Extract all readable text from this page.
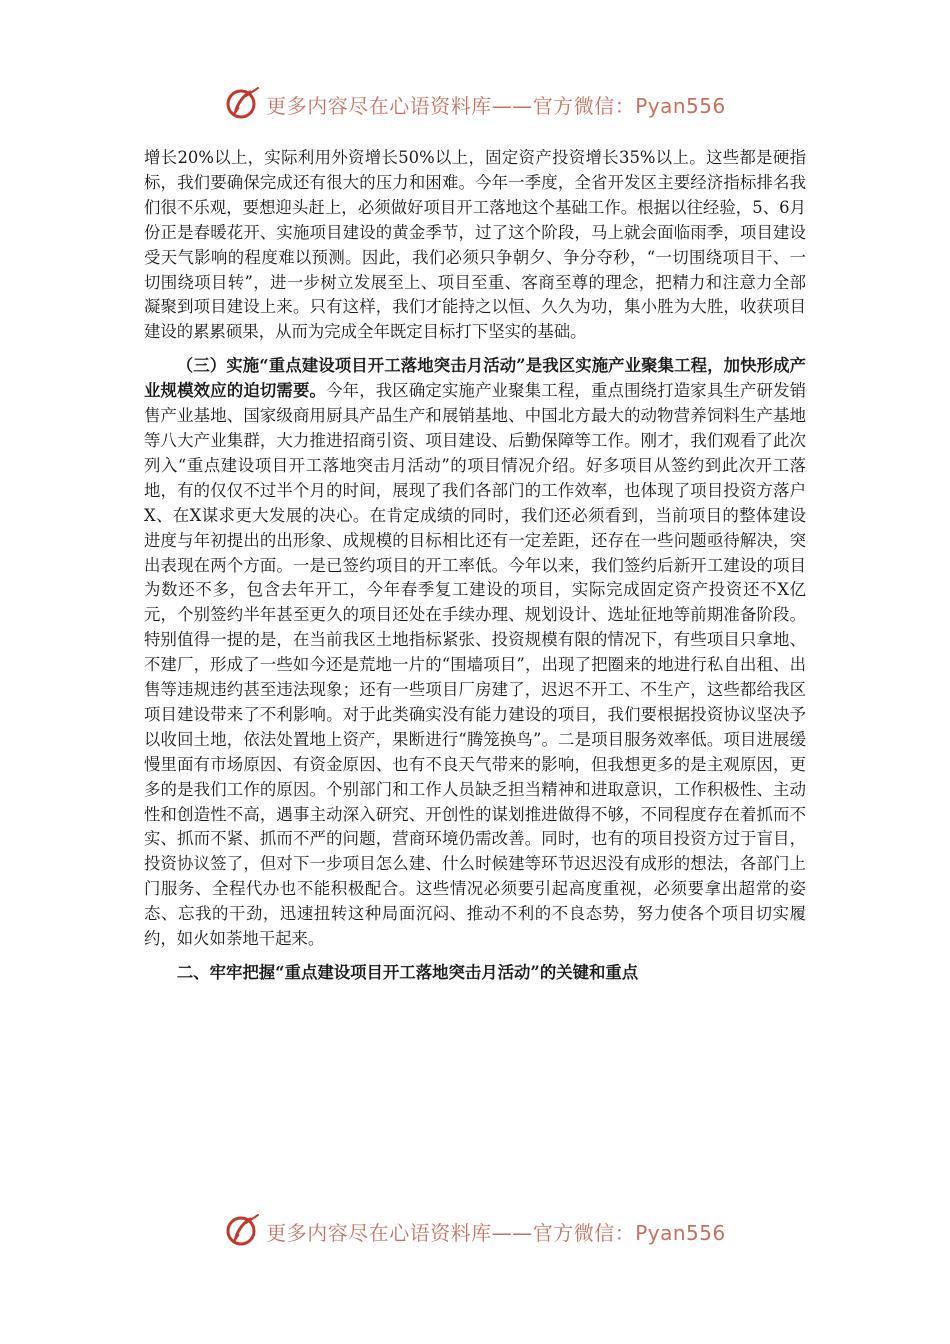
更多内容尽在心语资料库——官方微信：Pyan556

增长20%以上，实际利用外资增长50%以上，固定资产投资增长35%以上。这些都是硬指标，我们要确保完成还有很大的压力和困难。今年一季度，全省开发区主要经济指标排名我们很不乐观，要想迎头赶上，必须做好项目开工落地这个基础工作。根据以往经验，5、6月份正是春暖花开、实施项目建设的黄金季节，过了这个阶段，马上就会面临雨季，项目建设受天气影响的程度难以预测。因此，我们必须只争朝夕、争分夺秒，“一切围绕项目干、一切围绕项目转”，进一步树立发展至上、项目至重、客商至尊的理念，把精力和注意力全部凝聚到项目建设上来。只有这样，我们才能持之以恒、久久为功，集小胜为大胜，收获项目建设的累累硕果，从而为完成全年既定目标打下坚实的基础。

（三）实施“重点建设项目开工落地突击月活动”是我区实施产业聚集工程，加快形成产业规模效应的迫切需要。今年，我区确定实施产业聚集工程，重点围绕打造家具生产研发销售产业基地、国家级商用厨具产品生产和展销基地、中国北方最大的动物营养饲料生产基地等八大产业集群，大力推进招商引资、项目建设、后勤保障等工作。刚才，我们观看了此次列入“重点建设项目开工落地突击月活动”的项目情况介绍。好多项目从签约到此次开工落地，有的仅仅不过半个月的时间，展现了我们各部门的工作效率，也体现了项目投资方落户X、在X谋求更大发展的决心。在肯定成绩的同时，我们还必须看到，当前项目的整体建设进度与年初提出的出形象、成规模的目标相比还有一定差距，还存在一些问题亟待解决，突出表现在两个方面。一是已签约项目的开工率低。今年以来，我们签约后新开工建设的项目为数还不多，包含去年开工，今年春季复工建设的项目，实际完成固定资产投资还不X亿元，个别签约半年甚至更久的项目还处在手续办理、规划设计、选址征地等前期准备阶段。特别值得一提的是，在当前我区土地指标紧张、投资规模有限的情况下，有些项目只拿地、不建厂，形成了一些如今还是荒地一片的“围墙项目”，出现了把圈来的地进行私自出租、出售等违规违约甚至违法现象；还有一些项目厂房建了，迟迟不开工、不生产，这些都给我区项目建设带来了不利影响。对于此类确实没有能力建设的项目，我们要根据投资协议坚决予以收回土地，依法处置地上资产，果断进行“腾笼换鸟”。二是项目服务效率低。项目进展缓慢里面有市场原因、有资金原因、也有不良天气带来的影响，但我想更多的是主观原因，更多的是我们工作的原因。个别部门和工作人员缺乏担当精神和进取意识，工作积极性、主动性和创造性不高，遇事主动深入研究、开创性的谋划推进做得不够，不同程度存在着抓而不实、抓而不紧、抓而不严的问题，营商环境仍需改善。同时，也有的项目投资方过于盲目，投资协议签了，但对下一步项目怎么建、什么时候建等环节迟迟没有成形的想法，各部门上门服务、全程代办也不能积极配合。这些情况必须要引起高度重视，必须要拿出超常的姿态、忘我的干劲，迅速扭转这种局面沉闷、推动不利的不良态势，努力使各个项目切实履约，如火如荼地干起来。

二、牢牢把握“重点建设项目开工落地突击月活动”的关键和重点

更多内容尽在心语资料库——官方微信：Pyan556
